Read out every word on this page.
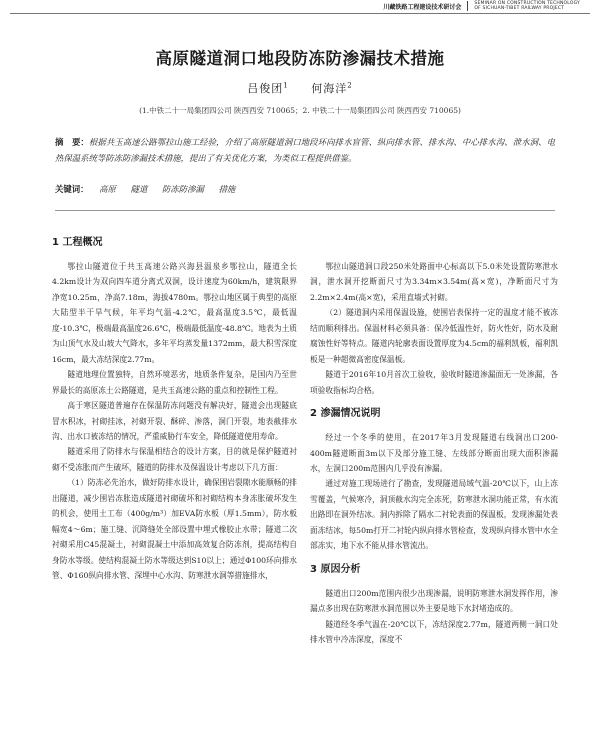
川藏铁路工程建设技术研讨会	SEMINAR ON CONSTRUCTION TECHNOLOGY
OF SICHUAN-TIBET RAILWAY PROJECT
高原隧道洞口地段防冻防渗漏技术措施
吕俊团$^1$ 何海洋$^2$
(1.中铁二十一局集团四公司 陕西西安 710065；2. 中铁二十一局集团四公司 陕西西安 710065)
摘　要：根据共玉高速公路鄂拉山施工经验，介绍了高原隧道洞口地段环向排水盲管、纵向排水管、排水沟、中心排水沟、泄水洞、电热保温系统等防冻防渗漏技术措施，提出了有关优化方案，为类似工程提供借鉴。
关键词： 高原 隧道 防冻防渗漏 措施
1 工程概况

鄂拉山隧道位于共玉高速公路兴海县温泉乡鄂拉山，隧道全长4.2km设计为双向四车道分离式双洞，设计速度为60km/h，建筑限界净宽10.25m，净高7.18m，海拔4780m。鄂拉山地区属于典型的高原大陆型半干旱气候，年平均气温-4.2℃，最高温度3.5℃，最低温度-10.3℃，极端最高温度26.6℃，极端最低温度-48.8℃。地表为土质为山顶气水及山坡大气降水，多年平均蒸发量1372mm，最大积雪深度16cm，最大冻结深度2.77m。

隧道地理位置独特，自然环境恶劣，地质条件复杂，是国内乃至世界最长的高原冻土公路隧道，是共玉高速公路的重点和控制性工程。

高于寒区隧道普遍存在保温防冻问题没有解决好，隧道会出现隧底冒水积冰，衬砌挂冰，衬砌开裂、酥碎、渗落，洞门开裂，地表截排水沟、出水口被冻结的情况，严重威胁行车安全，降低隧道使用寿命。

隧道采用了防排水与保温相结合的设计方案，目的就是保护隧道衬砌不受冻胀而产生破坏，隧道的防排水及保温设计考虑以下几方面：

（1）防冻必先治水，做好防排水设计，确保围岩裂隙水能顺畅的排出隧道，减少围岩冻胀造成隧道衬砌破坏和衬砌结构本身冻胀破坏发生的机会，使用土工布（400g/m³）加EVA防水板（厚1.5mm），防水板幅宽4～6m；施工缝、沉降缝处全部设置中埋式橡胶止水带；隧道二次衬砌采用C45混凝土，衬砌混凝土中添加高效复合防冻剂，提高结构自身防水等级。使结构混凝土防水等级达到S10以上；通过Φ100环向排水管、Φ160纵向排水管、深埋中心水沟、防寒泄水洞等措施排水，

鄂拉山隧道洞口段250米处路面中心标高以下5.0米处设置防寒泄水洞，泄水洞开挖断面尺寸为3.34m×3.54m(高×宽)，净断面尺寸为2.2m×2.4m(高×宽)，采用直墙式衬砌。

（2）隧道洞内采用保温设施，使围岩表保持一定的温度才能不被冻结而顺利排出。保温材料必须具备：保冷低温性好，防火性好，防水及耐腐蚀性好等特点。隧道内轮廓表面设置厚度为4.5cm的福利凯板，福利凯板是一种超微高密度保温板。

隧道于2016年10月首次工验收，验收时隧道渗漏面无一处渗漏，各项验收指标均合格。

2 渗漏情况说明

经过一个冬季的使用，在2017年3月发现隧道右线洞出口200-400m隧道断面3m以下及部分施工缝、左线部分断面出现大面积渗漏水，左洞口200m范围内几乎没有渗漏。

通过对施工现场进行了勘查，发现隧道局域气温-20℃以下，山上冻雪覆盖，气候寒冷，洞顶截水沟完全冻死，防寒泄水洞功能正常，有水流出路即在洞外结冰。洞内拆除了隔水二衬轮表面的保温板，发现渗漏处表面冻结冰，每50m打开二衬轮内纵向排水管检查，发现纵向排水管中水全部冻实，地下水不能从排水管流出。

3 原因分析

隧道出口200m范围内很少出现渗漏，说明防寒泄水洞发挥作用，渗漏点多出现在防寒泄水洞范围以外主要是地下水封堵造成的。

隧道经冬季气温在-20℃以下，冻结深度2.77m，隧道两侧一洞口处排水管中冷冻深度，深度不
